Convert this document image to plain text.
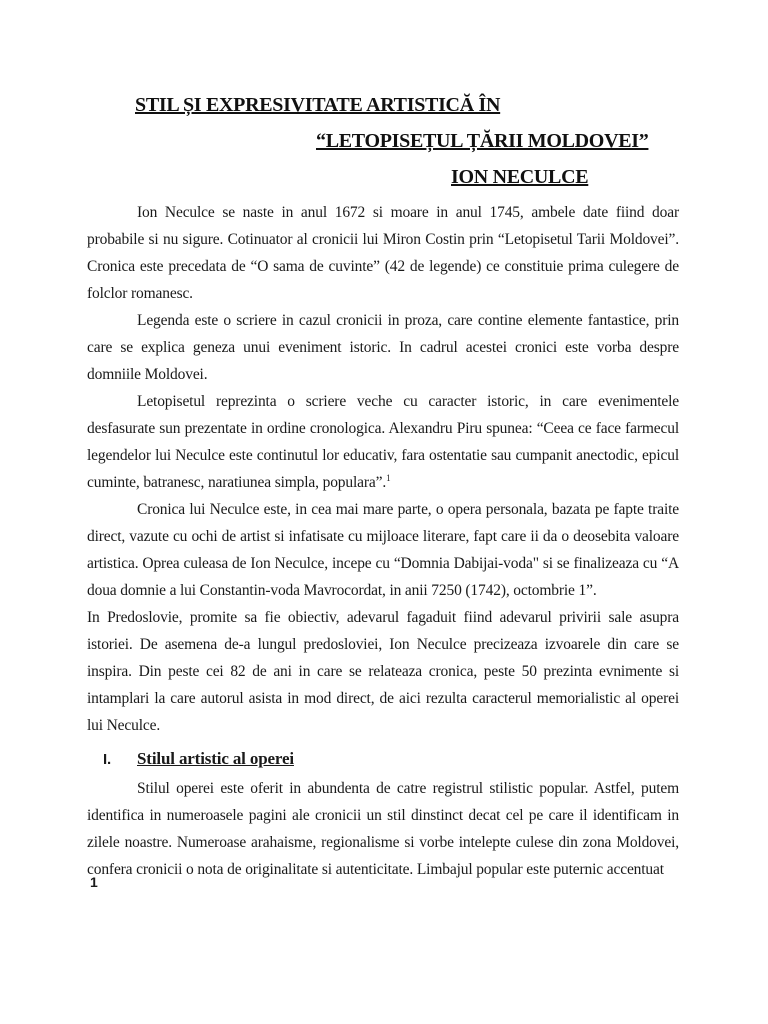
STIL ȘI EXPRESIVITATE ARTISTICĂ ÎN
“LETOPISEȚUL ȚĂRII MOLDOVEI”
ION NECULCE

Ion Neculce se naste in anul 1672 si moare in anul 1745, ambele date fiind doar probabile si nu sigure. Cotinuator al cronicii lui Miron Costin prin “Letopisetul Tarii Moldovei”. Cronica este precedata de “O sama de cuvinte” (42 de legende) ce constituie prima culegere de folclor romanesc.

Legenda este o scriere in cazul cronicii in proza, care contine elemente fantastice, prin care se explica geneza unui eveniment istoric. In cadrul acestei cronici este vorba despre domniile Moldovei.

Letopisetul reprezinta o scriere veche cu caracter istoric, in care evenimentele desfasurate sun prezentate in ordine cronologica. Alexandru Piru spunea: “Ceea ce face farmecul legendelor lui Neculce este continutul lor educativ, fara ostentatie sau cumpanit anectodic, epicul cuminte, batranesc, naratiunea simpla, populara”.$^1$

Cronica lui Neculce este, in cea mai mare parte, o opera personala, bazata pe fapte traite direct, vazute cu ochi de artist si infatisate cu mijloace literare, fapt care ii da o deosebita valoare artistica. Oprea culeasa de Ion Neculce, incepe cu “Domnia Dabijai-voda" si se finalizeaza cu “A doua domnie a lui Constantin-voda Mavrocordat, in anii 7250 (1742), octombrie 1”.

In Predoslovie, promite sa fie obiectiv, adevarul fagaduit fiind adevarul privirii sale asupra istoriei. De asemena de-a lungul predosloviei, Ion Neculce precizeaza izvoarele din care se inspira. Din peste cei 82 de ani in care se relateaza cronica, peste 50 prezinta evnimente si intamplari la care autorul asista in mod direct, de aici rezulta caracterul memorialistic al operei lui Neculce.

I.	Stilul artistic al operei

Stilul operei este oferit in abundenta de catre registrul stilistic popular. Astfel, putem identifica in numeroasele pagini ale cronicii un stil dinstinct decat cel pe care il identificam in zilele noastre. Numeroase arahaisme, regionalisme si vorbe intelepte culese din zona Moldovei, confera cronicii o nota de originalitate si autenticitate. Limbajul popular este puternic accentuat

1
